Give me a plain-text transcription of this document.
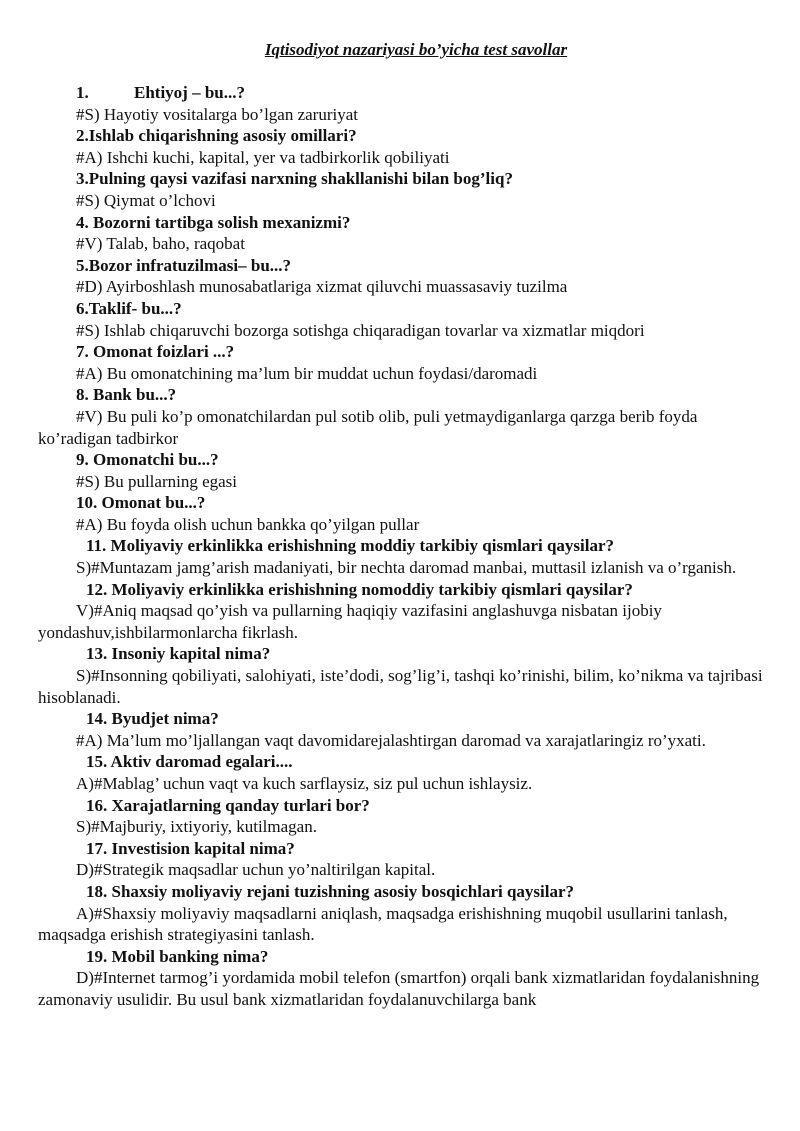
Iqtisodiyot nazariyasi bo’yicha test savollar

1.	Ehtiyoj – bu...?

#S) Hayotiy vositalarga bo’lgan zaruriyat

2.Ishlab chiqarishning asosiy omillari?

#A) Ishchi kuchi, kapital, yer va tadbirkorlik qobiliyati

3.Pulning qaysi vazifasi narxning shakllanishi bilan bog’liq?

#S) Qiymat o’lchovi

4. Bozorni tartibga solish mexanizmi?

#V) Talab, baho, raqobat

5.Bozor infratuzilmasi– bu...?

#D) Ayirboshlash munosabatlariga xizmat qiluvchi muassasaviy tuzilma

6.Taklif- bu...?

#S) Ishlab chiqaruvchi bozorga sotishga chiqaradigan tovarlar va xizmatlar miqdori

7. Omonat foizlari ...?

#A) Bu omonatchining ma’lum bir muddat uchun foydasi/daromadi

8. Bank bu...?

#V) Bu puli ko’p omonatchilardan pul sotib olib, puli yetmaydiganlarga qarzga berib foyda ko’radigan tadbirkor

9. Omonatchi bu...?

#S) Bu pullarning egasi

10. Omonat bu...?

#A) Bu foyda olish uchun bankka qo’yilgan pullar

11. Moliyaviy erkinlikka erishishning moddiy tarkibiy qismlari qaysilar?

S)#Muntazam jamg’arish madaniyati, bir nechta daromad manbai, muttasil izlanish va o’rganish.

12. Moliyaviy erkinlikka erishishning nomoddiy tarkibiy qismlari qaysilar?

V)#Aniq maqsad qo’yish va pullarning haqiqiy vazifasini anglashuvga nisbatan ijobiy yondashuv,ishbilarmonlarcha fikrlash.

13. Insoniy kapital nima?

S)#Insonning qobiliyati, salohiyati, iste’dodi, sog’lig’i, tashqi ko’rinishi, bilim, ko’nikma va tajribasi hisoblanadi.

14. Byudjet nima?

#A) Ma’lum mo’ljallangan vaqt davomidarejalashtirgan daromad va xarajatlaringiz ro’yxati.

15. Aktiv daromad egalari....

A)#Mablag’ uchun vaqt va kuch sarflaysiz, siz pul uchun ishlaysiz.

16. Xarajatlarning qanday turlari bor?

S)#Majburiy, ixtiyoriy, kutilmagan.

17. Investision kapital nima?

D)#Strategik maqsadlar uchun yo’naltirilgan kapital.

18. Shaxsiy moliyaviy rejani tuzishning asosiy bosqichlari qaysilar?

A)#Shaxsiy moliyaviy maqsadlarni aniqlash, maqsadga erishishning muqobil usullarini tanlash, maqsadga erishish strategiyasini tanlash.

19. Mobil banking nima?

D)#Internet tarmog’i yordamida mobil telefon (smartfon) orqali bank xizmatlaridan foydalanishning zamonaviy usulidir. Bu usul bank xizmatlaridan foydalanuvchilarga bank
